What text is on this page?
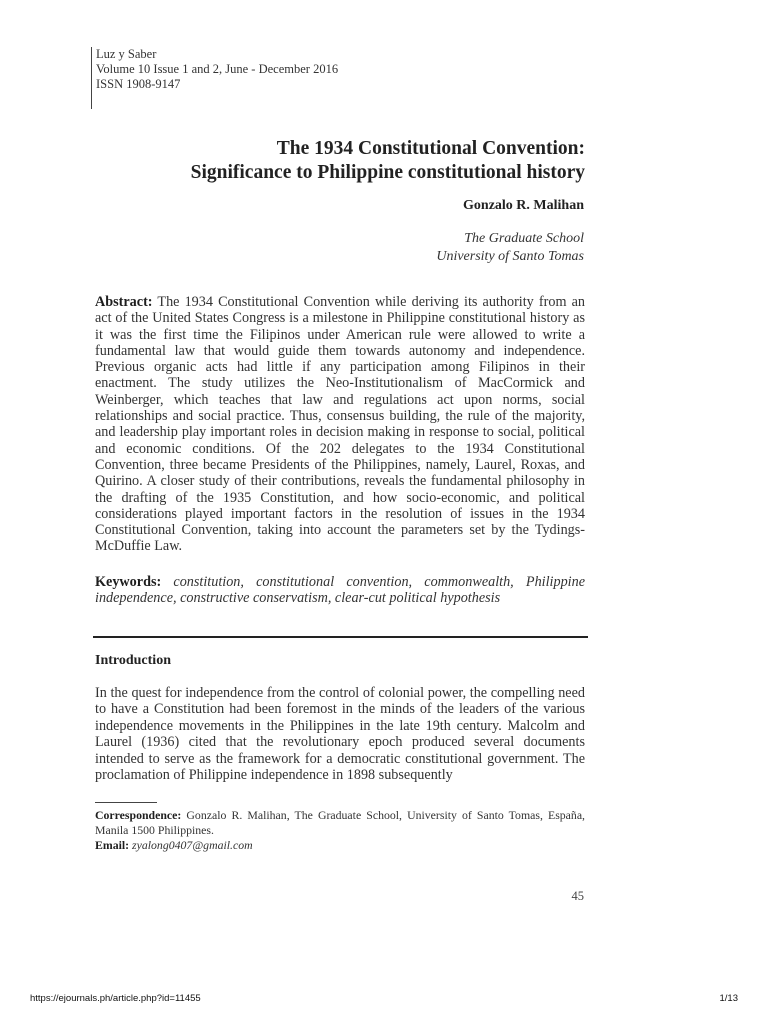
Luz y Saber
Volume 10 Issue 1 and 2, June - December 2016
ISSN 1908-9147
The 1934 Constitutional Convention:
Significance to Philippine constitutional history
Gonzalo R. Malihan
The Graduate School
University of Santo Tomas
Abstract: The 1934 Constitutional Convention while deriving its authority from an act of the United States Congress is a milestone in Philippine constitutional history as it was the first time the Filipinos under American rule were allowed to write a fundamental law that would guide them towards autonomy and independence. Previous organic acts had little if any participation among Filipinos in their enactment. The study utilizes the Neo-Institutionalism of MacCormick and Weinberger, which teaches that law and regulations act upon norms, social relationships and social practice. Thus, consensus building, the rule of the majority, and leadership play important roles in decision making in response to social, political and economic conditions. Of the 202 delegates to the 1934 Constitutional Convention, three became Presidents of the Philippines, namely, Laurel, Roxas, and Quirino. A closer study of their contributions, reveals the fundamental philosophy in the drafting of the 1935 Constitution, and how socio-economic, and political considerations played important factors in the resolution of issues in the 1934 Constitutional Convention, taking into account the parameters set by the Tydings-McDuffie Law.
Keywords: constitution, constitutional convention, commonwealth, Philippine independence, constructive conservatism, clear-cut political hypothesis
Introduction
In the quest for independence from the control of colonial power, the compelling need to have a Constitution had been foremost in the minds of the leaders of the various independence movements in the Philippines in the late 19th century. Malcolm and Laurel (1936) cited that the revolutionary epoch produced several documents intended to serve as the framework for a democratic constitutional government. The proclamation of Philippine independence in 1898 subsequently
Correspondence: Gonzalo R. Malihan, The Graduate School, University of Santo Tomas, España, Manila 1500 Philippines.
Email: zyalong0407@gmail.com
45
https://ejournals.ph/article.php?id=11455	1/13
